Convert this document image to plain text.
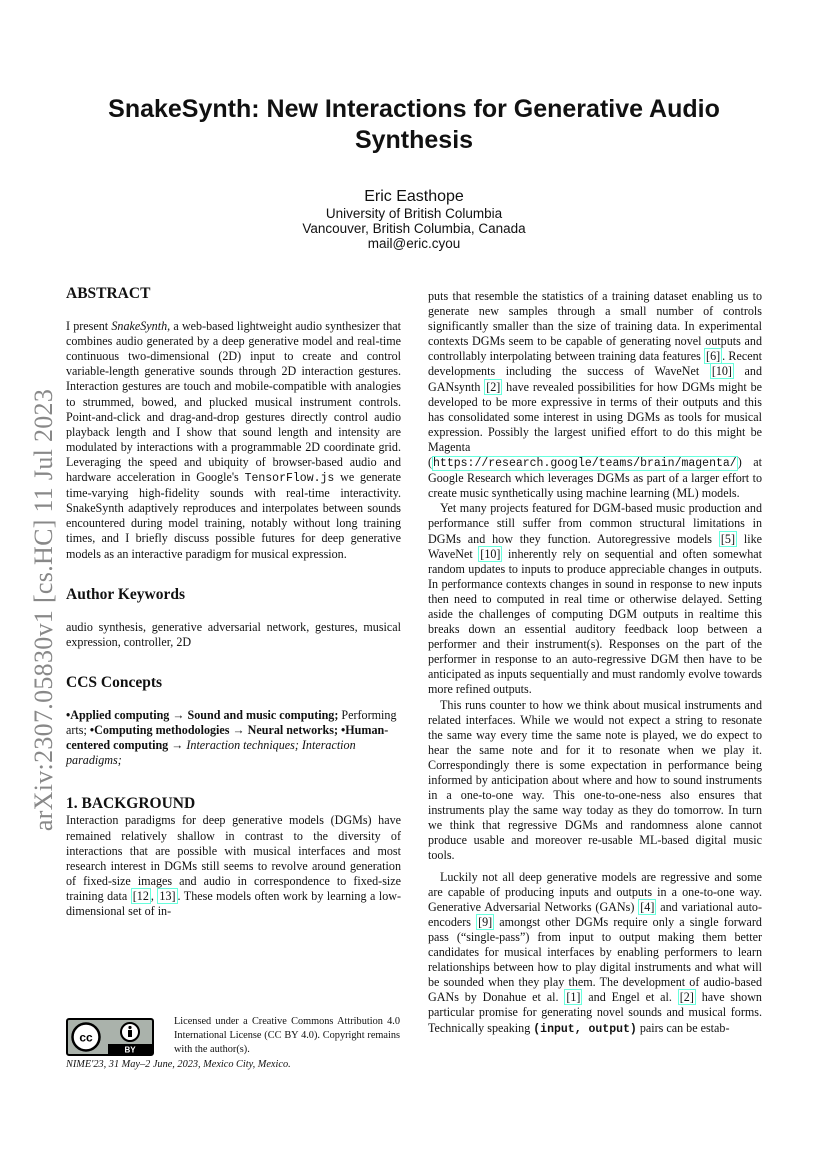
arXiv:2307.05830v1 [cs.HC] 11 Jul 2023
SnakeSynth: New Interactions for Generative Audio Synthesis
Eric Easthope
University of British Columbia
Vancouver, British Columbia, Canada
mail@eric.cyou
ABSTRACT

I present SnakeSynth, a web-based lightweight audio synthesizer that combines audio generated by a deep generative model and real-time continuous two-dimensional (2D) input to create and control variable-length generative sounds through 2D interaction gestures. Interaction gestures are touch and mobile-compatible with analogies to strummed, bowed, and plucked musical instrument controls. Point-and-click and drag-and-drop gestures directly control audio playback length and I show that sound length and intensity are modulated by interactions with a programmable 2D coordinate grid. Leveraging the speed and ubiquity of browser-based audio and hardware acceleration in Google's TensorFlow.js we generate time-varying high-fidelity sounds with real-time interactivity. SnakeSynth adaptively reproduces and interpolates between sounds encountered during model training, notably without long training times, and I briefly discuss possible futures for deep generative models as an interactive paradigm for musical expression.

Author Keywords

audio synthesis, generative adversarial network, gestures, musical expression, controller, 2D

CCS Concepts

•Applied computing → Sound and music computing; Performing arts; •Computing methodologies → Neural networks; •Human-centered computing → Interaction techniques; Interaction paradigms;

1. BACKGROUND

Interaction paradigms for deep generative models (DGMs) have remained relatively shallow in contrast to the diversity of interactions that are possible with musical interfaces and most research interest in DGMs still seems to revolve around generation of fixed-size images and audio in correspondence to fixed-size training data [12 , 13] . These models often work by learning a low-dimensional set of in-

puts that resemble the statistics of a training dataset enabling us to generate new samples through a small number of controls significantly smaller than the size of training data. In experimental contexts DGMs seem to be capable of generating novel outputs and controllably interpolating between training data features [6] . Recent developments including the success of WaveNet [10] and GANsynth [2] have revealed possibilities for how DGMs might be developed to be more expressive in terms of their outputs and this has consolidated some interest in using DGMs as tools for musical expression. Possibly the largest unified effort to do this might be Magenta (https://research.google/teams/brain/magenta/) at Google Research which leverages DGMs as part of a larger effort to create music synthetically using machine learning (ML) models.

Yet many projects featured for DGM-based music production and performance still suffer from common structural limitations in DGMs and how they function. Autoregressive models [5] like WaveNet [10] inherently rely on sequential and often somewhat random updates to inputs to produce appreciable changes in outputs. In performance contexts changes in sound in response to new inputs then need to computed in real time or otherwise delayed. Setting aside the challenges of computing DGM outputs in realtime this breaks down an essential auditory feedback loop between a performer and their instrument(s). Responses on the part of the performer in response to an auto-regressive DGM then have to be anticipated as inputs sequentially and must randomly evolve towards more refined outputs.

This runs counter to how we think about musical instruments and related interfaces. While we would not expect a string to resonate the same way every time the same note is played, we do expect to hear the same note and for it to resonate when we play it. Correspondingly there is some expectation in performance being informed by anticipation about where and how to sound instruments in a one-to-one way. This one-to-one-ness also ensures that instruments play the same way today as they do tomorrow. In turn we think that regressive DGMs and randomness alone cannot produce usable and moreover re-usable ML-based digital music tools.

Luckily not all deep generative models are regressive and some are capable of producing inputs and outputs in a one-to-one way. Generative Adversarial Networks (GANs) [4] and variational auto-encoders [9] amongst other DGMs require only a single forward pass (“single-pass”) from input to output making them better candidates for musical interfaces by enabling performers to learn relationships between how to play digital instruments and what will be sounded when they play them. The development of audio-based GANs by Donahue et al. [1] and Engel et al. [2] have shown particular promise for generating novel sounds and musical forms. Technically speaking (input, output) pairs can be estab-

BY
cc
Licensed under a Creative Commons Attribution 4.0 International License (CC BY 4.0). Copyright remains with the author(s).
NIME'23, 31 May–2 June, 2023, Mexico City, Mexico.
